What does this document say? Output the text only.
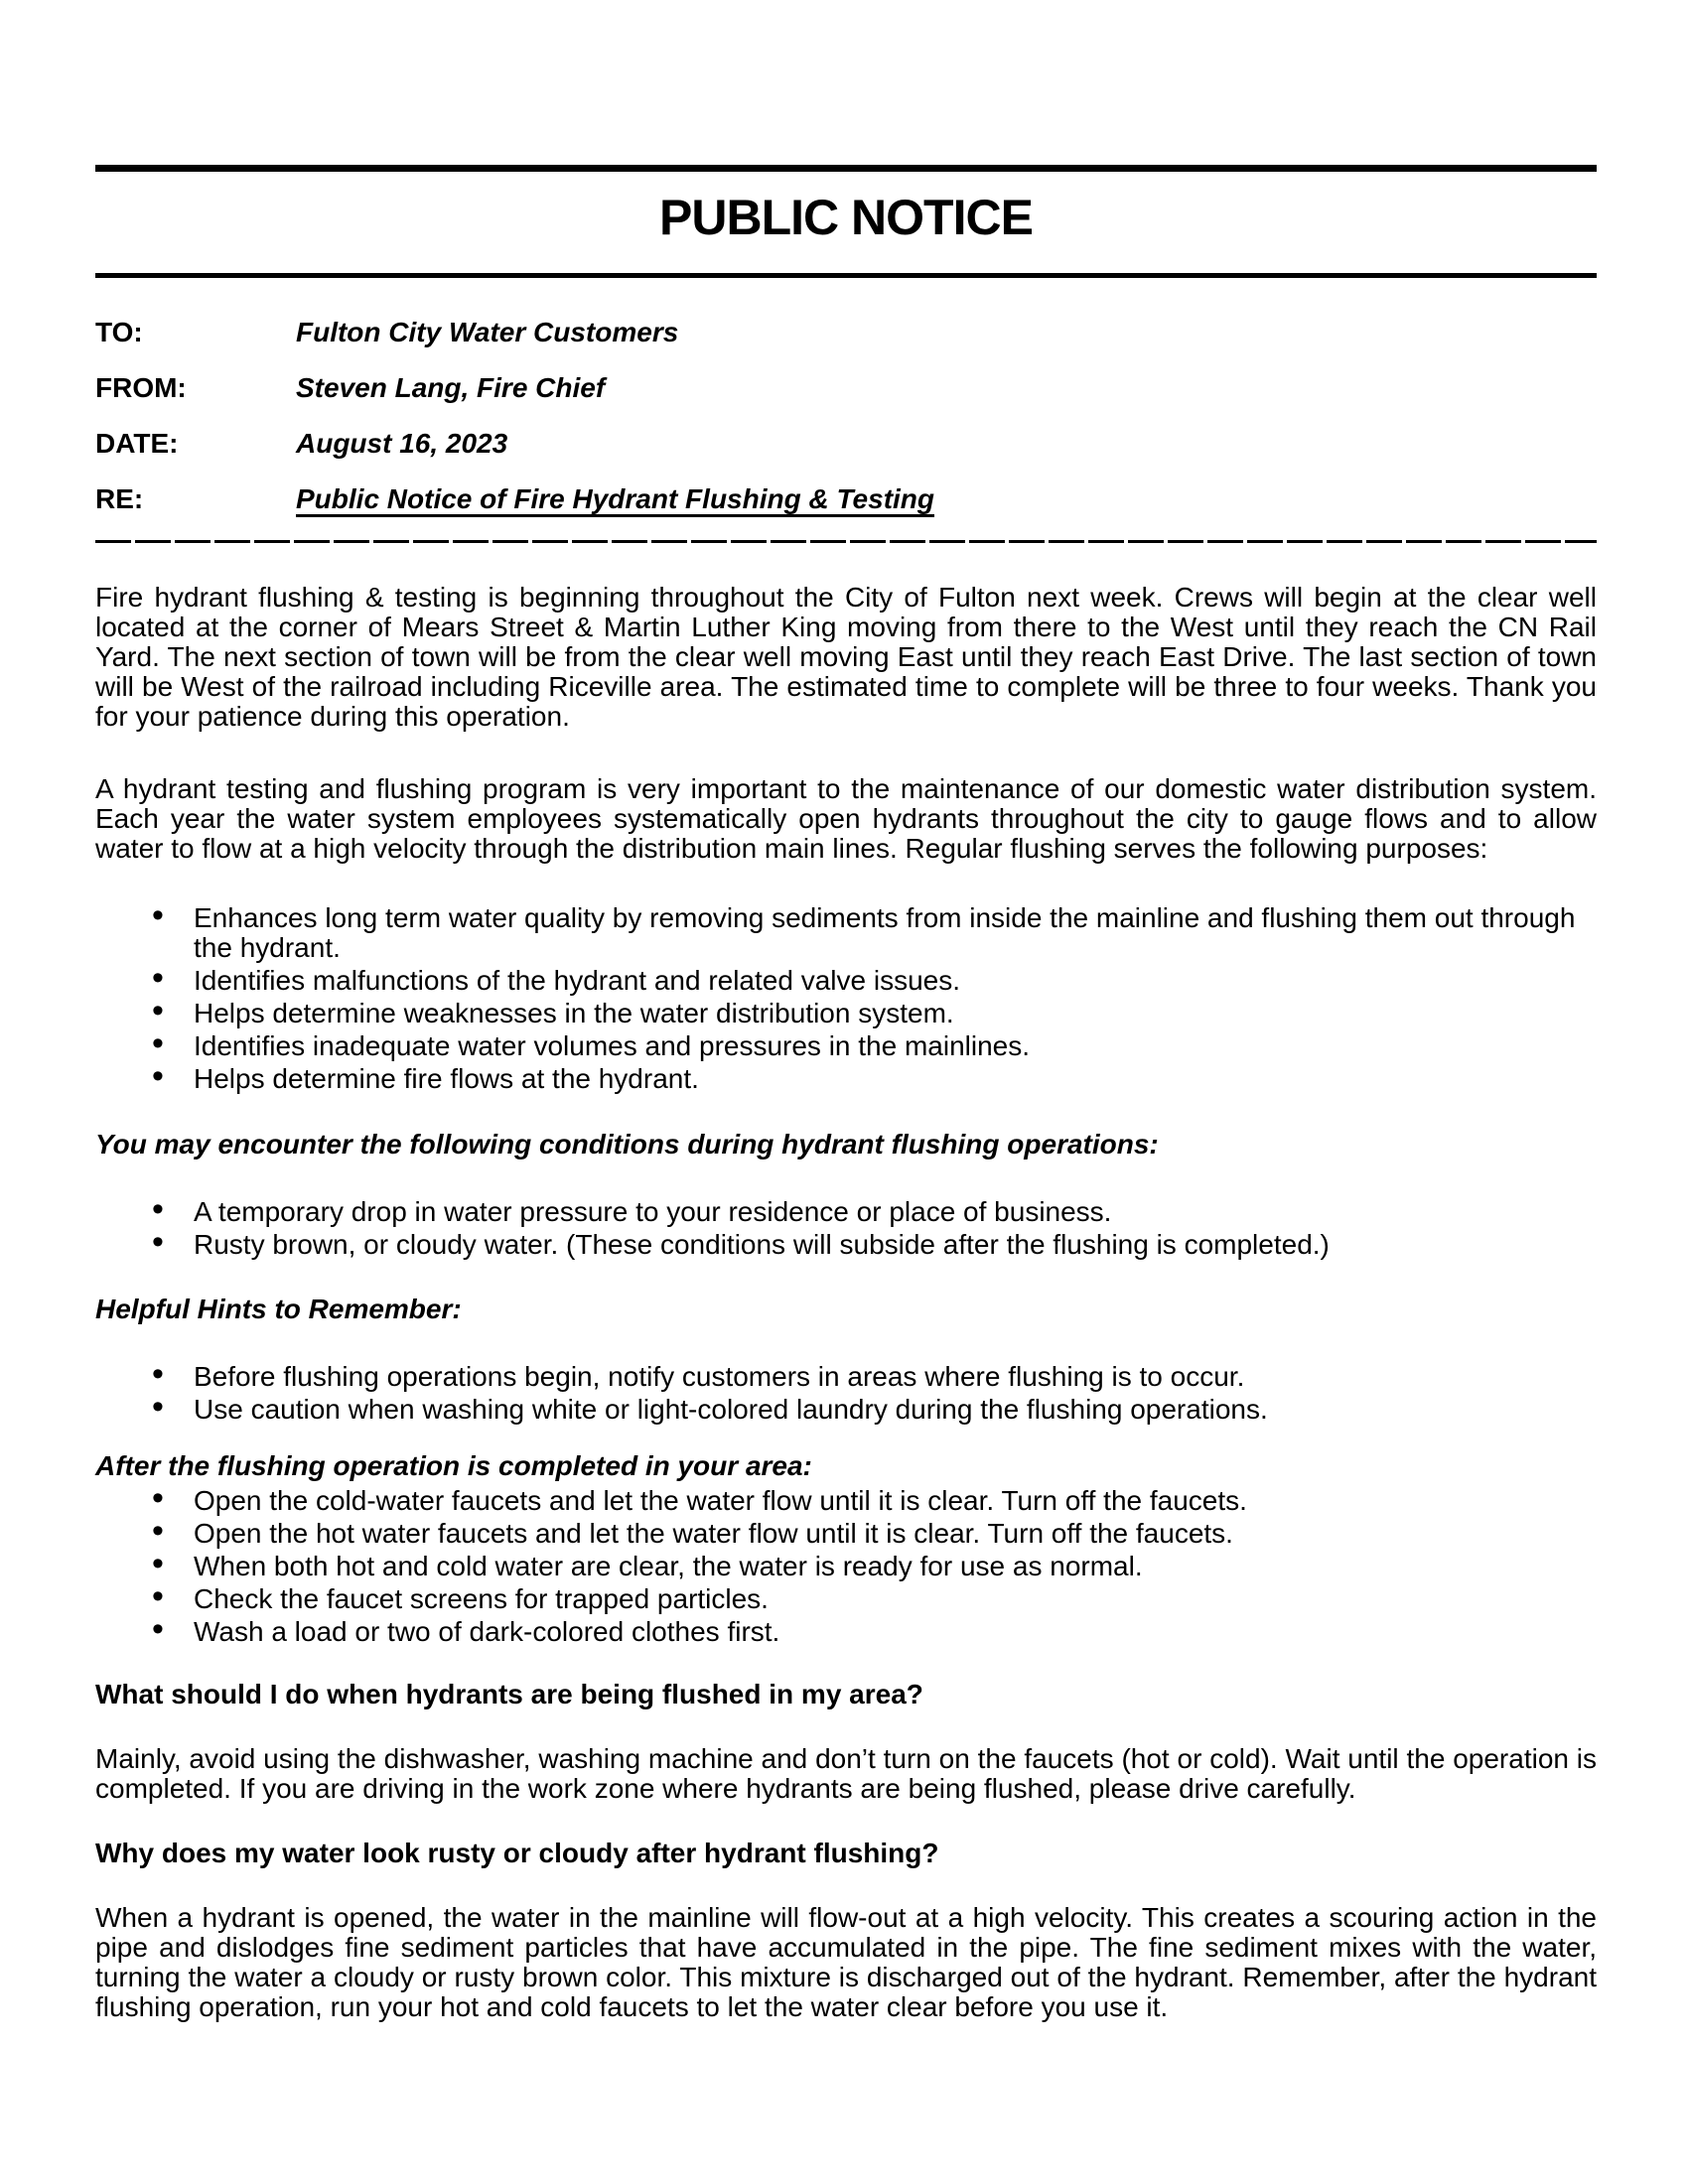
PUBLIC NOTICE
TO:	Fulton City Water Customers
FROM:	Steven Lang, Fire Chief
DATE:	August 16, 2023
RE:	Public Notice of Fire Hydrant Flushing & Testing

Fire hydrant flushing & testing is beginning throughout the City of Fulton next week. Crews will begin at the clear well located at the corner of Mears Street & Martin Luther King moving from there to the West until they reach the CN Rail Yard. The next section of town will be from the clear well moving East until they reach East Drive. The last section of town will be West of the railroad including Riceville area. The estimated time to complete will be three to four weeks. Thank you for your patience during this operation.

A hydrant testing and flushing program is very important to the maintenance of our domestic water distribution system. Each year the water system employees systematically open hydrants throughout the city to gauge flows and to allow water to flow at a high velocity through the distribution main lines. Regular flushing serves the following purposes:

• Enhances long term water quality by removing sediments from inside the mainline and flushing them out through the hydrant.
• Identifies malfunctions of the hydrant and related valve issues.
• Helps determine weaknesses in the water distribution system.
• Identifies inadequate water volumes and pressures in the mainlines.
• Helps determine fire flows at the hydrant.
You may encounter the following conditions during hydrant flushing operations:
• A temporary drop in water pressure to your residence or place of business.
• Rusty brown, or cloudy water. (These conditions will subside after the flushing is completed.)
Helpful Hints to Remember:
• Before flushing operations begin, notify customers in areas where flushing is to occur.
• Use caution when washing white or light-colored laundry during the flushing operations.
After the flushing operation is completed in your area:
• Open the cold-water faucets and let the water flow until it is clear. Turn off the faucets.
• Open the hot water faucets and let the water flow until it is clear. Turn off the faucets.
• When both hot and cold water are clear, the water is ready for use as normal.
• Check the faucet screens for trapped particles.
• Wash a load or two of dark-colored clothes first.
What should I do when hydrants are being flushed in my area?

Mainly, avoid using the dishwasher, washing machine and don’t turn on the faucets (hot or cold). Wait until the operation is completed. If you are driving in the work zone where hydrants are being flushed, please drive carefully.

Why does my water look rusty or cloudy after hydrant flushing?

When a hydrant is opened, the water in the mainline will flow-out at a high velocity. This creates a scouring action in the pipe and dislodges fine sediment particles that have accumulated in the pipe. The fine sediment mixes with the water, turning the water a cloudy or rusty brown color. This mixture is discharged out of the hydrant. Remember, after the hydrant flushing operation, run your hot and cold faucets to let the water clear before you use it.
